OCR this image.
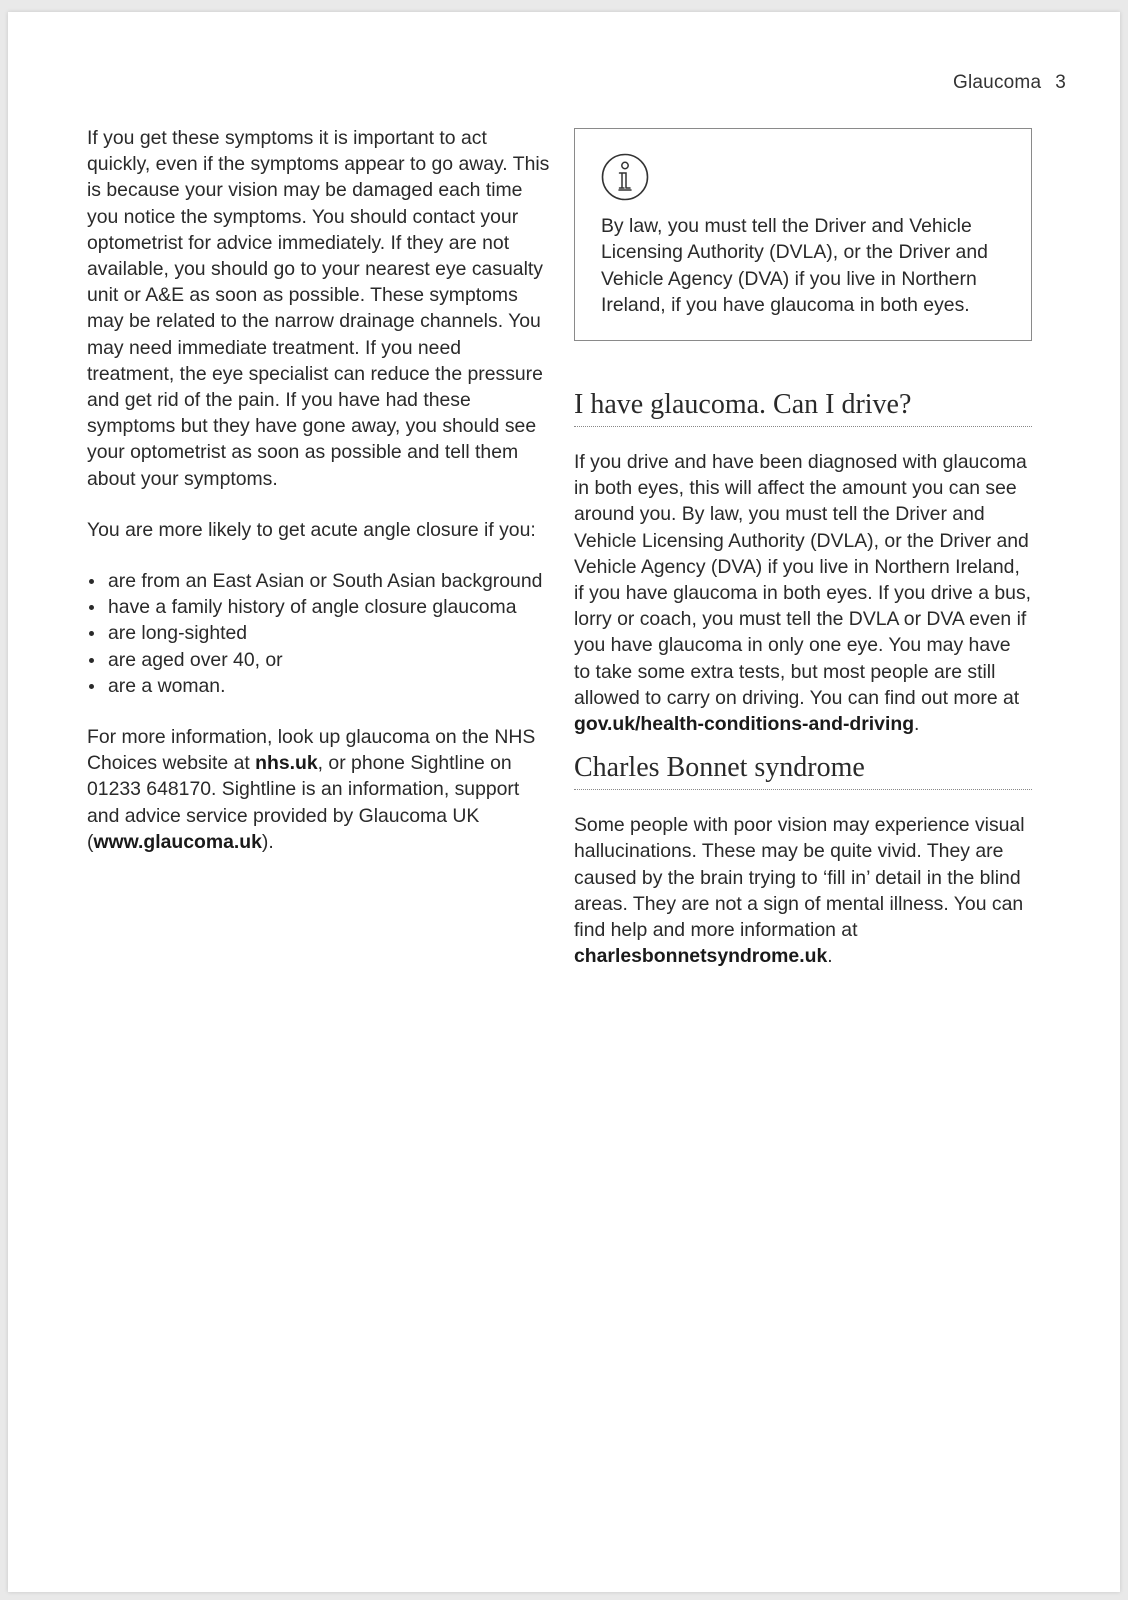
Glaucoma 3

If you get these symptoms it is important to act quickly, even if the symptoms appear to go away. This is because your vision may be damaged each time you notice the symptoms. You should contact your optometrist for advice immediately. If they are not available, you should go to your nearest eye casualty unit or A&E as soon as possible. These symptoms may be related to the narrow drainage channels. You may need immediate treatment. If you need treatment, the eye specialist can reduce the pressure and get rid of the pain. If you have had these symptoms but they have gone away, you should see your optometrist as soon as possible and tell them about your symptoms.

You are more likely to get acute angle closure if you:

are from an East Asian or South Asian background
have a family history of angle closure glaucoma
are long-sighted
are aged over 40, or
are a woman.

For more information, look up glaucoma on the NHS Choices website at nhs.uk, or phone Sightline on 01233 648170. Sightline is an information, support and advice service provided by Glaucoma UK (www.glaucoma.uk).

By law, you must tell the Driver and Vehicle Licensing Authority (DVLA), or the Driver and Vehicle Agency (DVA) if you live in Northern Ireland, if you have glaucoma in both eyes.

I have glaucoma. Can I drive?

If you drive and have been diagnosed with glaucoma in both eyes, this will affect the amount you can see around you. By law, you must tell the Driver and Vehicle Licensing Authority (DVLA), or the Driver and Vehicle Agency (DVA) if you live in Northern Ireland, if you have glaucoma in both eyes. If you drive a bus, lorry or coach, you must tell the DVLA or DVA even if you have glaucoma in only one eye. You may have to take some extra tests, but most people are still allowed to carry on driving. You can find out more at gov.uk/health-conditions-and-driving.

Charles Bonnet syndrome

Some people with poor vision may experience visual hallucinations. These may be quite vivid. They are caused by the brain trying to ‘fill in’ detail in the blind areas. They are not a sign of mental illness. You can find help and more information at charlesbonnetsyndrome.uk.
